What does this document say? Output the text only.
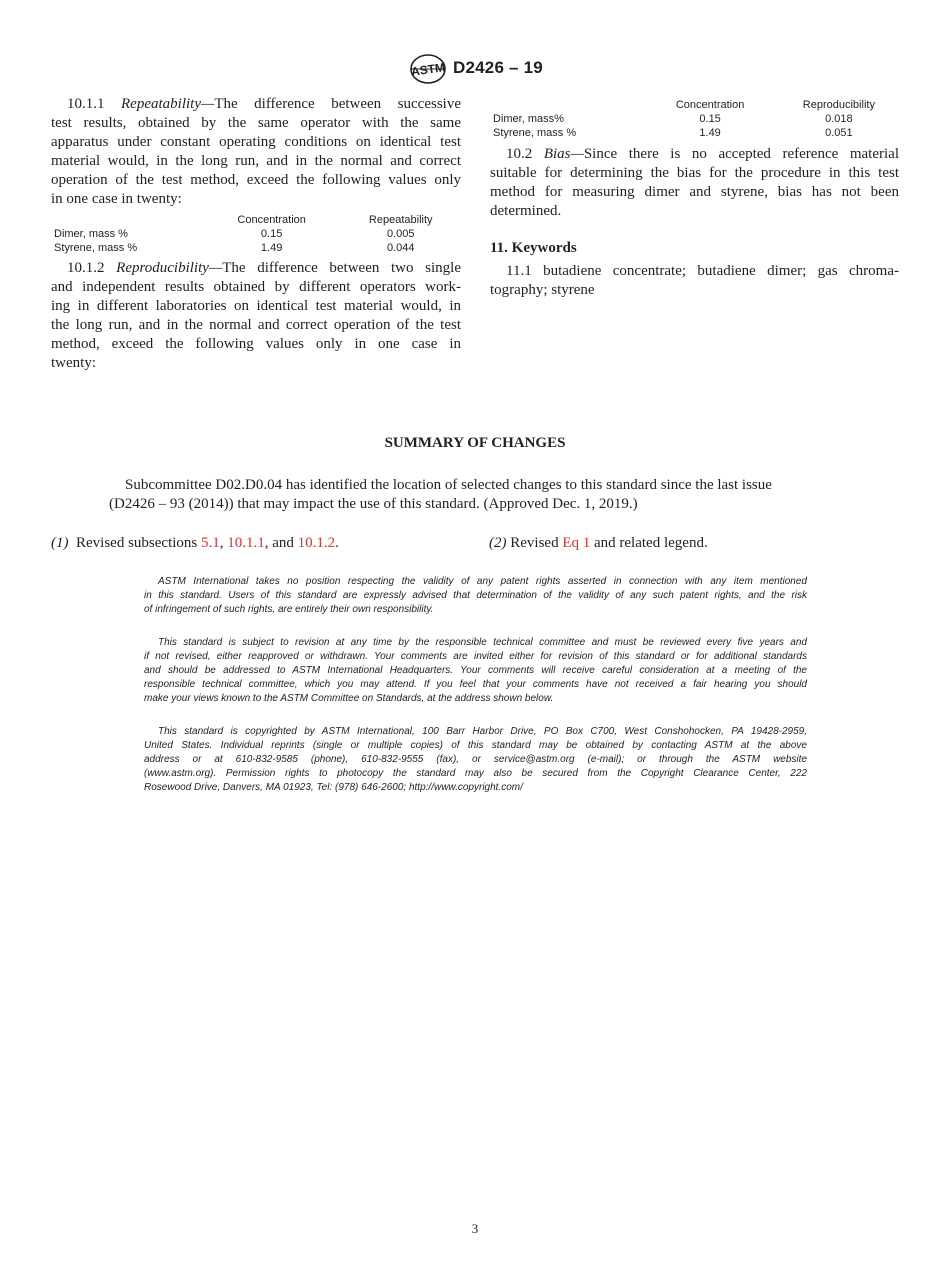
ASTM D2426 – 19

10.1.1 Repeatability—The difference between successive
test results, obtained by the same operator with the same
apparatus under constant operating conditions on identical test
material would, in the long run, and in the normal and correct
operation of the test method, exceed the following values only
in one case in twenty:

	Concentration	Repeatability
Dimer, mass %	0.15	0.005
Styrene, mass %	1.49	0.044

10.1.2 Reproducibility—The difference between two single
and independent results obtained by different operators work-
ing in different laboratories on identical test material would, in
the long run, and in the normal and correct operation of the test
method, exceed the following values only in one case in
twenty:

	Concentration	Reproducibility
Dimer, mass%	0.15	0.018
Styrene, mass %	1.49	0.051

10.2 Bias—Since there is no accepted reference material
suitable for determining the bias for the procedure in this test
method for measuring dimer and styrene, bias has not been
determined.

11. Keywords

11.1 butadiene concentrate; butadiene dimer; gas chroma-
tography; styrene

SUMMARY OF CHANGES
Subcommittee D02.D0.04 has identified the location of selected changes to this standard since the last issue
(D2426 – 93 (2014)) that may impact the use of this standard. (Approved Dec. 1, 2019.)
(1) Revised subsections 5.1, 10.1.1, and 10.1.2.	(2) Revised Eq 1 and related legend.
ASTM International takes no position respecting the validity of any patent rights asserted in connection with any item mentioned
in this standard. Users of this standard are expressly advised that determination of the validity of any such patent rights, and the risk
of infringement of such rights, are entirely their own responsibility.
This standard is subject to revision at any time by the responsible technical committee and must be reviewed every five years and
if not revised, either reapproved or withdrawn. Your comments are invited either for revision of this standard or for additional standards
and should be addressed to ASTM International Headquarters. Your comments will receive careful consideration at a meeting of the
responsible technical committee, which you may attend. If you feel that your comments have not received a fair hearing you should
make your views known to the ASTM Committee on Standards, at the address shown below.
This standard is copyrighted by ASTM International, 100 Barr Harbor Drive, PO Box C700, West Conshohocken, PA 19428-2959,
United States. Individual reprints (single or multiple copies) of this standard may be obtained by contacting ASTM at the above
address or at 610-832-9585 (phone), 610-832-9555 (fax), or service@astm.org (e-mail); or through the ASTM website
(www.astm.org). Permission rights to photocopy the standard may also be secured from the Copyright Clearance Center, 222
Rosewood Drive, Danvers, MA 01923, Tel: (978) 646-2600; http://www.copyright.com/
3
